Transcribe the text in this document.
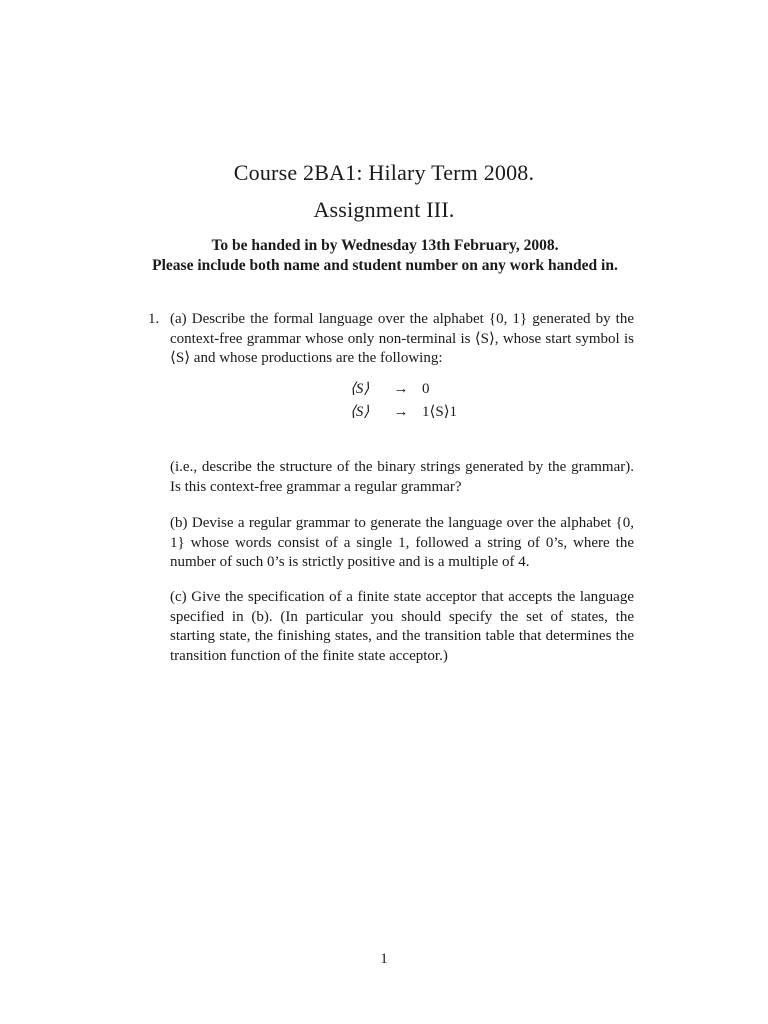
Course 2BA1: Hilary Term 2008.
Assignment III.
To be handed in by Wednesday 13th February, 2008.
Please include both name and student number on any work handed in.
1. (a) Describe the formal language over the alphabet {0, 1} generated by the context-free grammar whose only non-terminal is ⟨S⟩, whose start symbol is ⟨S⟩ and whose productions are the following:
(i.e., describe the structure of the binary strings generated by the grammar). Is this context-free grammar a regular grammar?
(b) Devise a regular grammar to generate the language over the alphabet {0, 1} whose words consist of a single 1, followed a string of 0’s, where the number of such 0’s is strictly positive and is a multiple of 4.
(c) Give the specification of a finite state acceptor that accepts the language specified in (b). (In particular you should specify the set of states, the starting state, the finishing states, and the transition table that determines the transition function of the finite state acceptor.)
⟨S⟩	→ 0
⟨S⟩	→ 1⟨S⟩1
1
